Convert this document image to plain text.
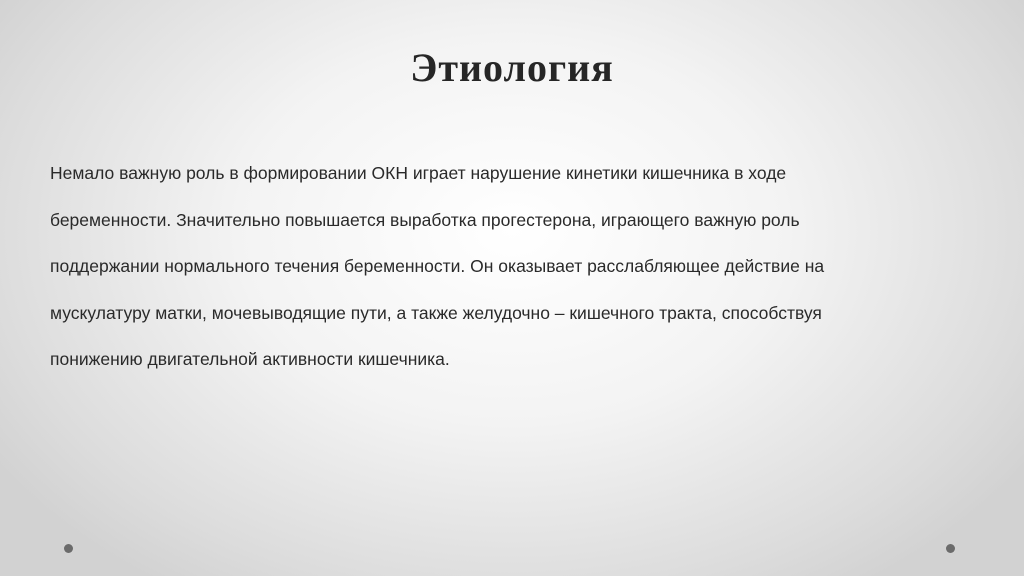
Этиология

Немало важную роль в формировании ОКН играет нарушение кинетики кишечника в ходе
беременности. Значительно повышается выработка прогестерона, играющего важную роль
поддержании нормального течения беременности. Он оказывает расслабляющее действие на
мускулатуру матки, мочевыводящие пути, а также желудочно – кишечного тракта, способствуя
понижению двигательной активности кишечника.
